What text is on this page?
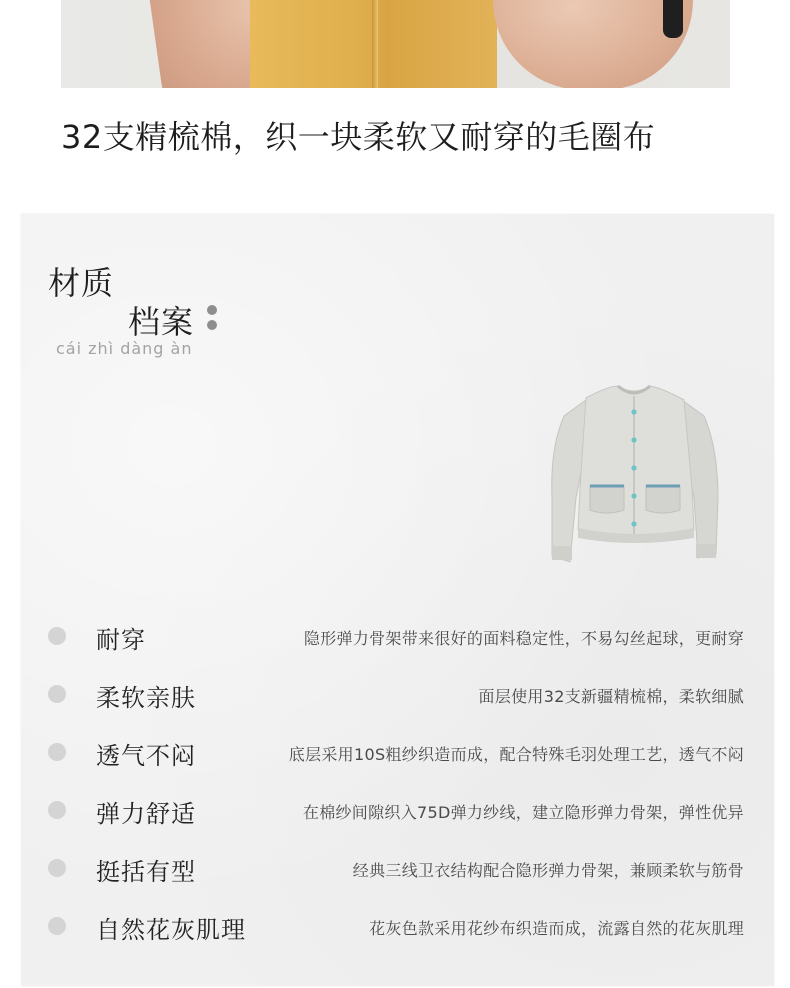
32支精梳棉，织一块柔软又耐穿的毛圈布
材质
档案
cái zhì dàng àn
耐穿	隐形弹力骨架带来很好的面料稳定性，不易勾丝起球，更耐穿
柔软亲肤	面层使用32支新疆精梳棉，柔软细腻
透气不闷	底层采用10S粗纱织造而成，配合特殊毛羽处理工艺，透气不闷
弹力舒适	在棉纱间隙织入75D弹力纱线，建立隐形弹力骨架，弹性优异
挺括有型	经典三线卫衣结构配合隐形弹力骨架，兼顾柔软与筋骨
自然花灰肌理	花灰色款采用花纱布织造而成，流露自然的花灰肌理
